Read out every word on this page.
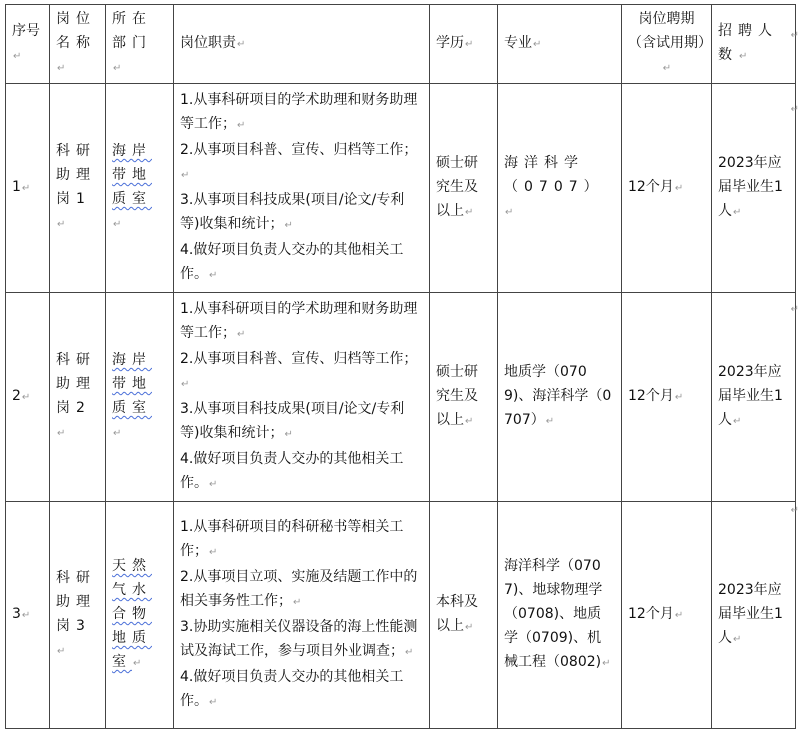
序号↵	岗位名称↵	所在部门↵	岗位职责↵	学历↵	专业↵	岗位聘期（含试用期）↵	招聘人数↵
1↵	科研助理岗1↵	海岸带地质室↵	1.从事科研项目的学术助理和财务助理等工作；↵
2.从事项目科普、宣传、归档等工作；↵
3.从事项目科技成果(项目/论文/专利等)收集和统计；↵
4.做好项目负责人交办的其他相关工作。↵	硕士研究生及以上↵	海洋科学（0707）↵	12个月↵	2023年应届毕业生1人↵
2↵	科研助理岗2↵	海岸带地质室↵	1.从事科研项目的学术助理和财务助理等工作；↵
2.从事项目科普、宣传、归档等工作；↵
3.从事项目科技成果(项目/论文/专利等)收集和统计；↵
4.做好项目负责人交办的其他相关工作。↵	硕士研究生及以上↵	地质学（0709)、海洋科学（0707）↵	12个月↵	2023年应届毕业生1人↵
3↵	科研助理岗3↵	天然气水合物地质室↵	1.从事科研项目的科研秘书等相关工作；↵
2.从事项目立项、实施及结题工作中的相关事务性工作；↵
3.协助实施相关仪器设备的海上性能测试及海试工作，参与项目外业调查；↵
4.做好项目负责人交办的其他相关工作。↵	本科及以上↵	海洋科学（0707)、地球物理学（0708)、地质学（0709)、机械工程（0802)↵	12个月↵	2023年应届毕业生1人↵
↵
↵
↵
↵
